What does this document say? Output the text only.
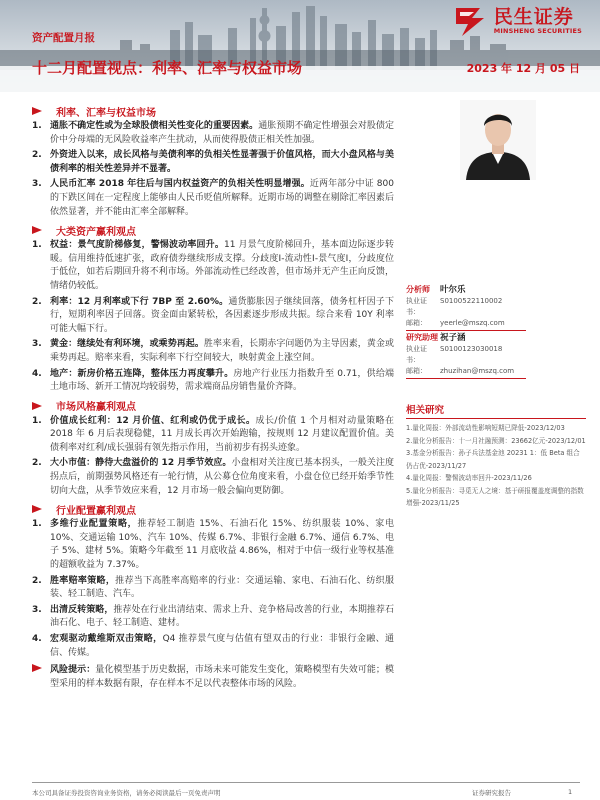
民生证券
MINSHENG SECURITIES
资产配置月报
十二月配置视点：利率、汇率与权益市场	2023 年 12 月 05 日
利率、汇率与权益市场
1. 通胀不确定性或为全球股债相关性变化的重要因素。通胀预期不确定性增强会对股债定价中分母端的无风险收益率产生扰动，从而使得股债正相关性加强。
2. 外资进入以来，成长风格与美债利率的负相关性显著强于价值风格，而大小盘风格与美债利率的相关性差异并不显著。
3. 人民币汇率 2018 年往后与国内权益资产的负相关性明显增强。近两年部分中证 800 的下跌区间在一定程度上能够由人民币贬值所解释。近期市场的调整在剔除汇率因素后依然显著，并不能由汇率全部解释。
大类资产赢利观点
1. 权益：景气度阶梯修复，警惕波动率回升。11 月景气度阶梯回升，基本面边际逐步转暖。信用维持低速扩张，政府债券继续形成支撑。分歧度Ⅰ-流动性Ⅰ-景气度Ⅰ，分歧度位于低位，如若后期回升将不利市场。外部流动性已经改善，但市场并无产生正向反馈，情绪仍较低。
2. 利率：12 月利率或下行 7BP 至 2.60%。通货膨胀因子继续回落，债务杠杆因子下行，短期利率因子回落。资金面由紧转松，各因素逐步形成共振。综合来看 10Y 利率可能大幅下行。
3. 黄金：继续处有利环境，或乘势再起。胜率来看，长期赤字问题仍为主导因素，黄金或乘势再起。赔率来看，实际利率下行空间较大，映射黄金上涨空间。
4. 地产：新房价格五连降，整体压力再度攀升。房地产行业压力指数升至 0.71，供给端土地市场、新开工情况均较弱势，需求端商品房销售量价齐降。
市场风格赢利观点
1. 价值成长红利：12 月价值、红利或仍优于成长。成长/价值 1 个月相对动量策略在 2018 年 6 月后表现稳健，11 月成长再次开始跑输，按规则 12 月建议配置价值。美债利率对红利/成长强弱有领先指示作用，当前初步有拐头迹象。
2. 大小市值：静待大盘溢价的 12 月季节效应。小盘相对关注度已基本拐头，一般关注度拐点后，前期强势风格还有一轮行情，从公募仓位角度来看，小盘仓位已经开始季节性切向大盘，从季节效应来看，12 月市场一般会偏向更防御。
行业配置赢利观点
1. 多维行业配置策略，推荐轻工制造 15%、石油石化 15%、纺织服装 10%、家电 10%、交通运输 10%、汽车 10%、传媒 6.7%、非银行金融 6.7%、通信 6.7%、电子 5%、建材 5%。策略今年截至 11 月底收益 4.86%，相对于中信一级行业等权基准的超额收益为 7.37%。
2. 胜率赔率策略，推荐当下高胜率高赔率的行业：交通运输、家电、石油石化、纺织服装、轻工制造、汽车。
3. 出清反转策略，推荐处在行业出清结束、需求上升、竞争格局改善的行业，本期推荐石油石化、电子、轻工制造、建材。
4. 宏观驱动戴维斯双击策略，Q4 推荐景气度与估值有望双击的行业：非银行金融、通信、传媒。
风险提示：量化模型基于历史数据，市场未来可能发生变化，策略模型有失效可能；模型采用的样本数据有限，存在样本不足以代表整体市场的风险。
分析师	叶尔乐
执业证书：
S0100522110002
邮箱：	yeerle@mszq.com
研究助理 祝子涵
执业证书：
S0100123030018
邮箱：	zhuzihan@mszq.com
相关研究
1.量化周报：外部流动性影响短期已降低-2023/12/03
2.量化分析报告：十一月社融预测：23662亿元-2023/12/01
3.基金分析报告：孙子兵法基金池 20231 1：低 Beta 组合仍占优-2023/11/27
4.量化周报：警惕波动率回升-2023/11/26
5.量化分析报告：寻觅无人之境：基于研报覆盖度调整的指数增强-2023/11/25
本公司具备证券投资咨询业务资格，请务必阅读最后一页免责声明	证券研究报告	1
